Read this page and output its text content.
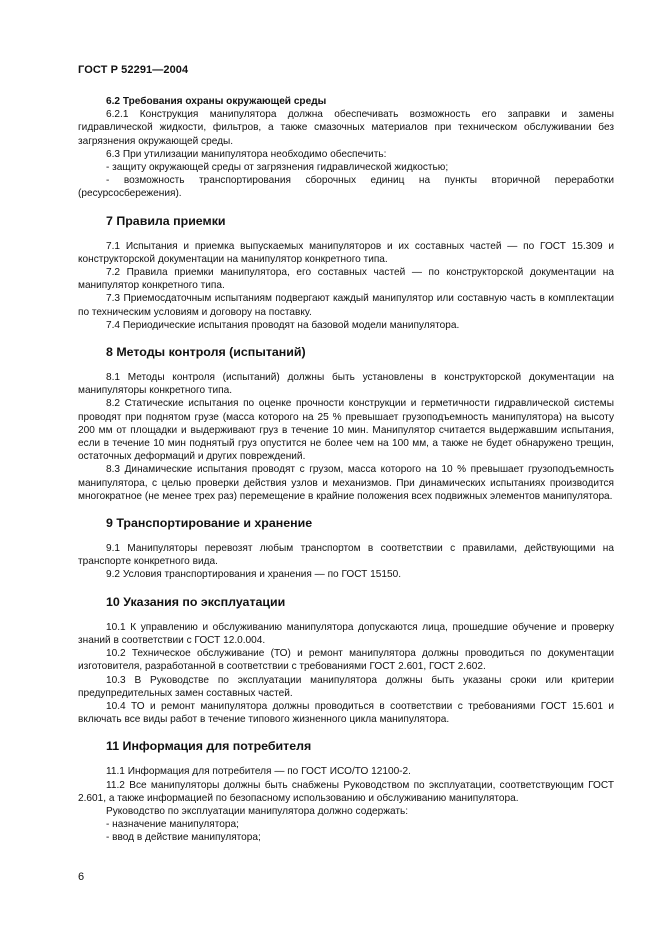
ГОСТ Р 52291—2004

6.2 Требования охраны окружающей среды

6.2.1 Конструкция манипулятора должна обеспечивать возможность его заправки и замены гидравлической жидкости, фильтров, а также смазочных материалов при техническом обслуживании без загрязнения окружающей среды.

6.3 При утилизации манипулятора необходимо обеспечить:

- защиту окружающей среды от загрязнения гидравлической жидкостью;

- возможность транспортирования сборочных единиц на пункты вторичной переработки (ресурсосбережения).

7 Правила приемки

7.1 Испытания и приемка выпускаемых манипуляторов и их составных частей — по ГОСТ 15.309 и конструкторской документации на манипулятор конкретного типа.

7.2 Правила приемки манипулятора, его составных частей — по конструкторской документации на манипулятор конкретного типа.

7.3 Приемосдаточным испытаниям подвергают каждый манипулятор или составную часть в комплектации по техническим условиям и договору на поставку.

7.4 Периодические испытания проводят на базовой модели манипулятора.

8 Методы контроля (испытаний)

8.1 Методы контроля (испытаний) должны быть установлены в конструкторской документации на манипуляторы конкретного типа.

8.2 Статические испытания по оценке прочности конструкции и герметичности гидравлической системы проводят при поднятом грузе (масса которого на 25 % превышает грузоподъемность манипулятора) на высоту 200 мм от площадки и выдерживают груз в течение 10 мин. Манипулятор считается выдержавшим испытания, если в течение 10 мин поднятый груз опустится не более чем на 100 мм, а также не будет обнаружено трещин, остаточных деформаций и других повреждений.

8.3 Динамические испытания проводят с грузом, масса которого на 10 % превышает грузоподъемность манипулятора, с целью проверки действия узлов и механизмов. При динамических испытаниях производится многократное (не менее трех раз) перемещение в крайние положения всех подвижных элементов манипулятора.

9 Транспортирование и хранение

9.1 Манипуляторы перевозят любым транспортом в соответствии с правилами, действующими на транспорте конкретного вида.

9.2 Условия транспортирования и хранения — по ГОСТ 15150.

10 Указания по эксплуатации

10.1 К управлению и обслуживанию манипулятора допускаются лица, прошедшие обучение и проверку знаний в соответствии с ГОСТ 12.0.004.

10.2 Техническое обслуживание (ТО) и ремонт манипулятора должны проводиться по документации изготовителя, разработанной в соответствии с требованиями ГОСТ 2.601, ГОСТ 2.602.

10.3 В Руководстве по эксплуатации манипулятора должны быть указаны сроки или критерии предупредительных замен составных частей.

10.4 ТО и ремонт манипулятора должны проводиться в соответствии с требованиями ГОСТ 15.601 и включать все виды работ в течение типового жизненного цикла манипулятора.

11 Информация для потребителя

11.1 Информация для потребителя — по ГОСТ ИСО/ТО 12100-2.

11.2 Все манипуляторы должны быть снабжены Руководством по эксплуатации, соответствующим ГОСТ 2.601, а также информацией по безопасному использованию и обслуживанию манипулятора.

Руководство по эксплуатации манипулятора должно содержать:

- назначение манипулятора;

- ввод в действие манипулятора;

6
